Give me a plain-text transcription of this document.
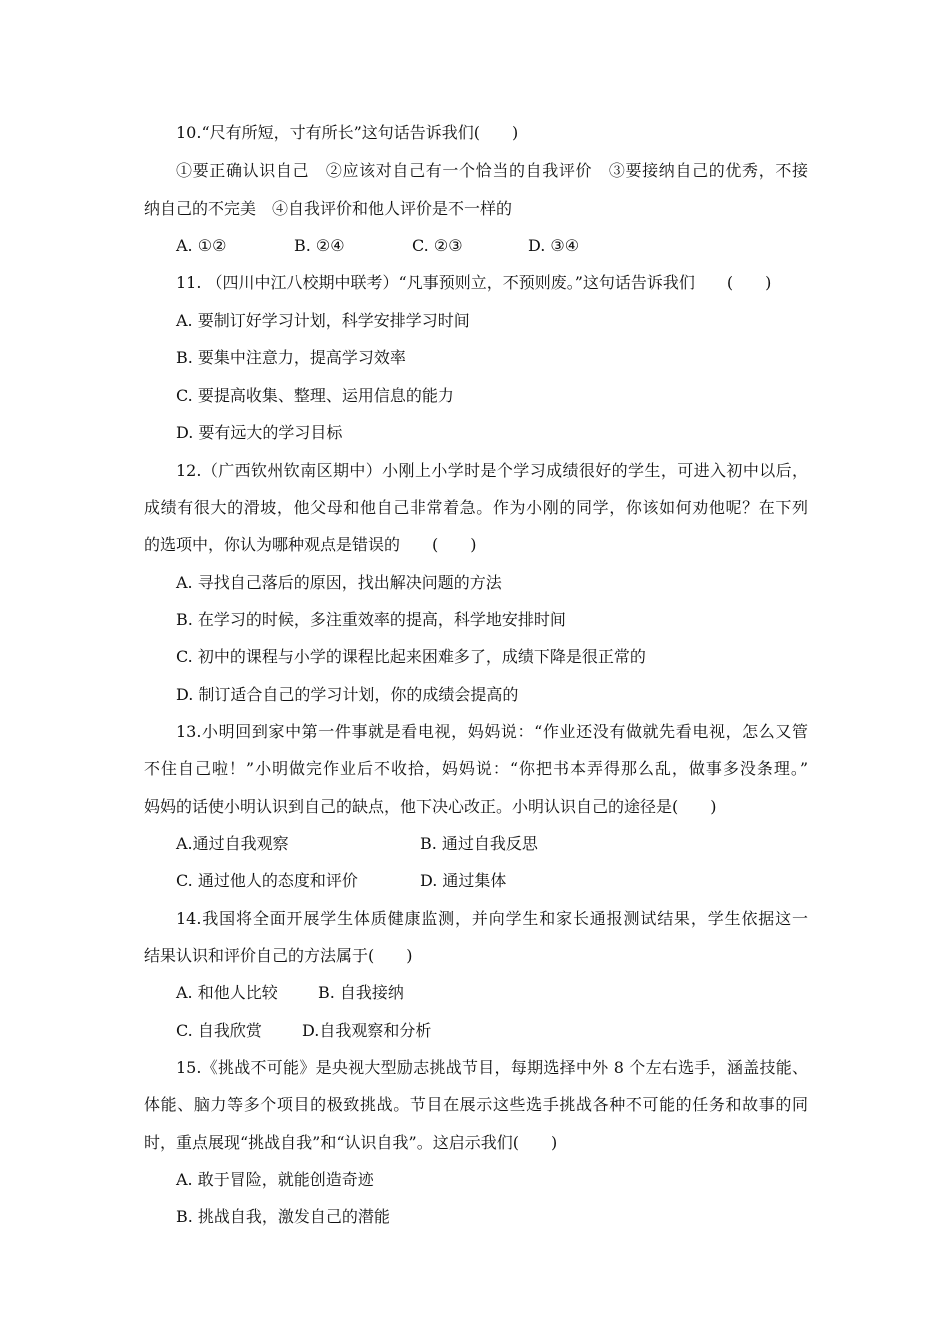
10.“尺有所短，寸有所长”这句话告诉我们(　　)
①要正确认识自己　②应该对自己有一个恰当的自我评价　③要接纳自己的优秀，不接
纳自己的不完美　④自我评价和他人评价是不一样的
A. ①②	B. ②④	C. ②③	D. ③④
11. （四川中江八校期中联考）“凡事预则立，不预则废。”这句话告诉我们　　(　　)
A. 要制订好学习计划，科学安排学习时间
B. 要集中注意力，提高学习效率
C. 要提高收集、整理、运用信息的能力
D. 要有远大的学习目标
12.（广西钦州钦南区期中）小刚上小学时是个学习成绩很好的学生，可进入初中以后，
成绩有很大的滑坡，他父母和他自己非常着急。作为小刚的同学，你该如何劝他呢？在下列
的选项中，你认为哪种观点是错误的　　(　　)
A. 寻找自己落后的原因，找出解决问题的方法
B. 在学习的时候，多注重效率的提高，科学地安排时间
C. 初中的课程与小学的课程比起来困难多了，成绩下降是很正常的
D. 制订适合自己的学习计划，你的成绩会提高的
13.小明回到家中第一件事就是看电视，妈妈说：“作业还没有做就先看电视，怎么又管
不住自己啦！”小明做完作业后不收拾，妈妈说：“你把书本弄得那么乱，做事多没条理。”
妈妈的话使小明认识到自己的缺点，他下决心改正。小明认识自己的途径是(　　)
A.通过自我观察	B. 通过自我反思
C. 通过他人的态度和评价	D. 通过集体
14.我国将全面开展学生体质健康监测，并向学生和家长通报测试结果，学生依据这一
结果认识和评价自己的方法属于(　　)
A. 和他人比较	B. 自我接纳
C. 自我欣赏	D.自我观察和分析
15.《挑战不可能》是央视大型励志挑战节目，每期选择中外 8 个左右选手，涵盖技能、
体能、脑力等多个项目的极致挑战。节目在展示这些选手挑战各种不可能的任务和故事的同
时，重点展现“挑战自我”和“认识自我”。这启示我们(　　)
A. 敢于冒险，就能创造奇迹
B. 挑战自我，激发自己的潜能
